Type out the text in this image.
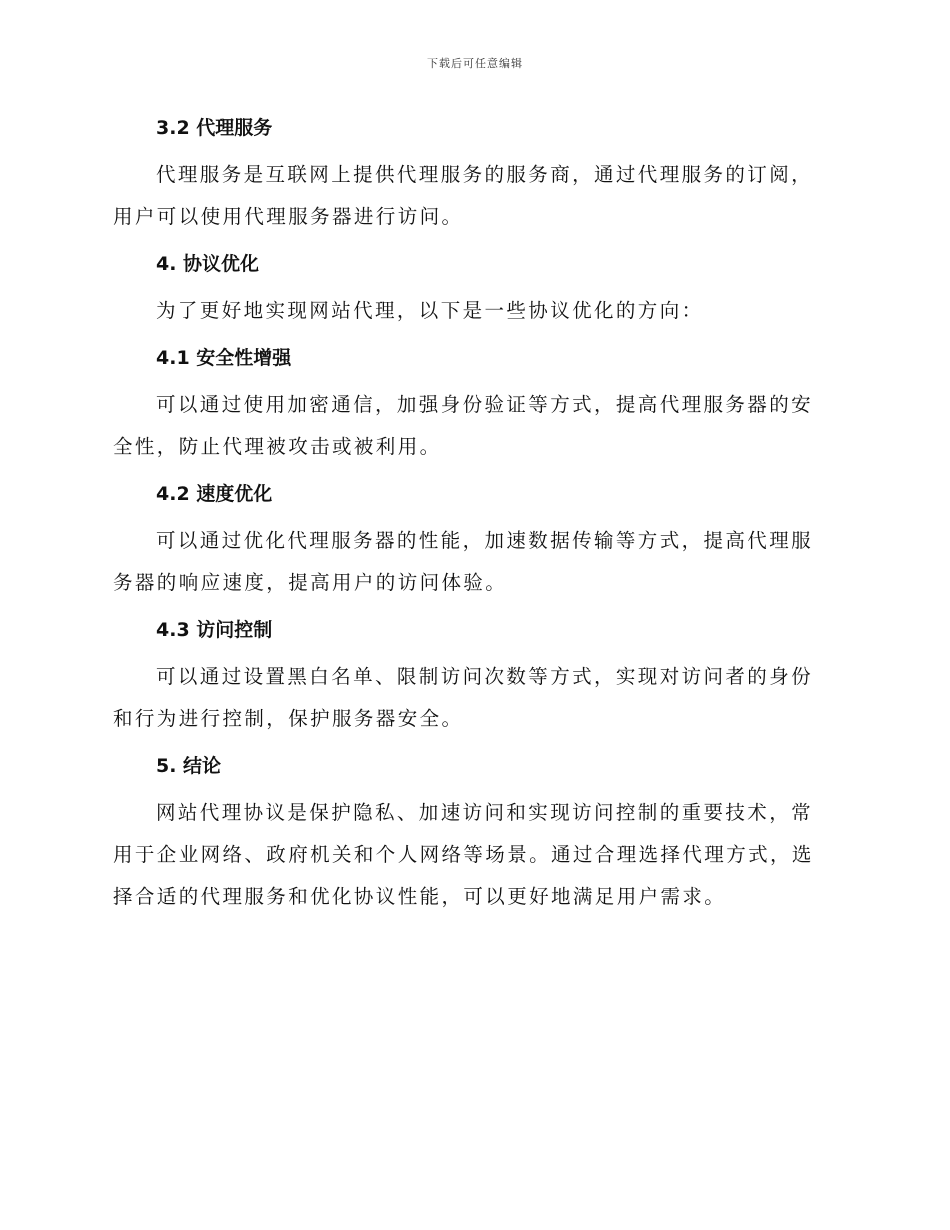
下载后可任意编辑
3.2 代理服务

代理服务是互联网上提供代理服务的服务商，通过代理服务的订阅，用户可以使用代理服务器进行访问。

4. 协议优化

为了更好地实现网站代理，以下是一些协议优化的方向：

4.1 安全性增强

可以通过使用加密通信，加强身份验证等方式，提高代理服务器的安全性，防止代理被攻击或被利用。

4.2 速度优化

可以通过优化代理服务器的性能，加速数据传输等方式，提高代理服务器的响应速度，提高用户的访问体验。

4.3 访问控制

可以通过设置黑白名单、限制访问次数等方式，实现对访问者的身份和行为进行控制，保护服务器安全。

5. 结论

网站代理协议是保护隐私、加速访问和实现访问控制的重要技术，常用于企业网络、政府机关和个人网络等场景。通过合理选择代理方式，选择合适的代理服务和优化协议性能，可以更好地满足用户需求。
